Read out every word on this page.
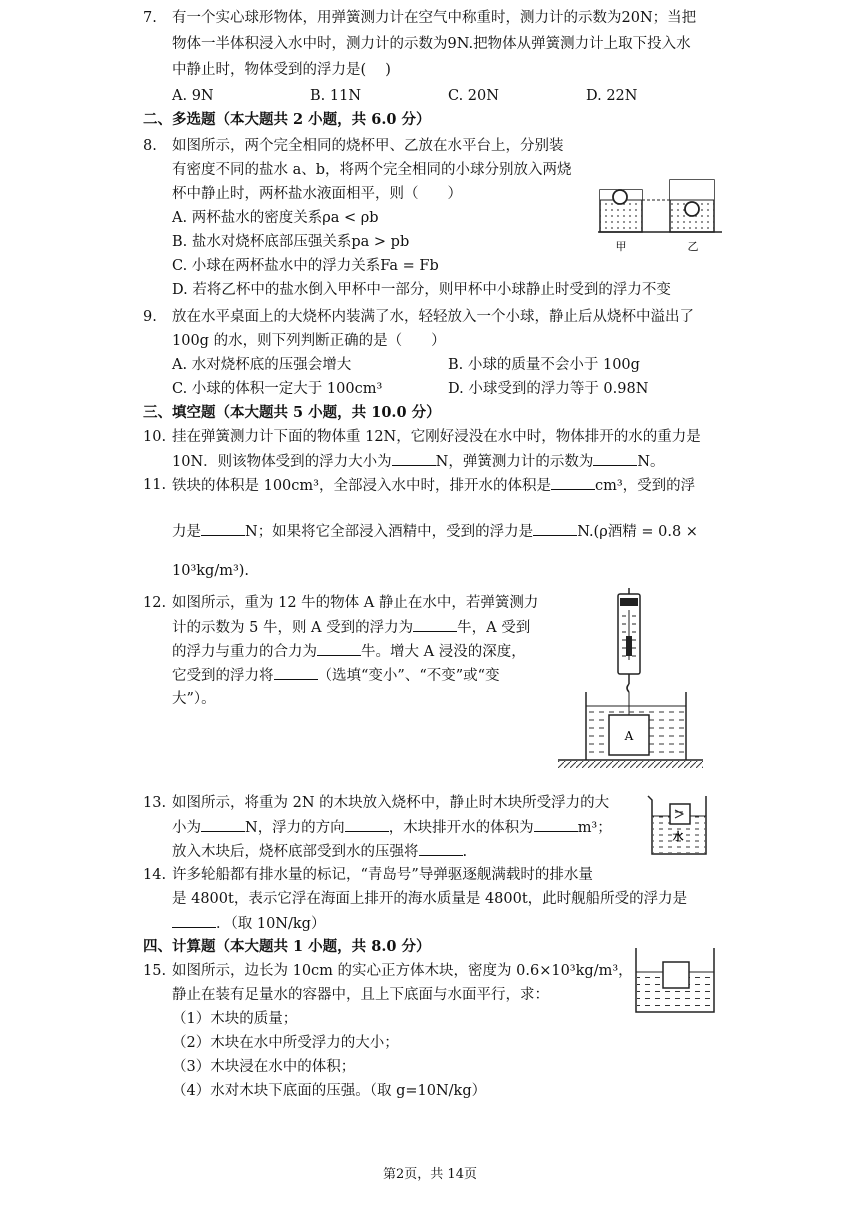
7. 有一个实心球形物体，用弹簧测力计在空气中称重时，测力计的示数为20N；当把
物体一半体积浸入水中时，测力计的示数为9N.把物体从弹簧测力计上取下投入水
中静止时，物体受到的浮力是(　 )
A. 9N	B. 11N	C. 20N	D. 22N
二、多选题（本大题共 2 小题，共 6.0 分）
8. 如图所示，两个完全相同的烧杯甲、乙放在水平台上，分别装
有密度不同的盐水 a、b，将两个完全相同的小球分别放入两烧
杯中静止时，两杯盐水液面相平，则（　　）
A. 两杯盐水的密度关系ρa < ρb
B. 盐水对烧杯底部压强关系pa > pb
C. 小球在两杯盐水中的浮力关系Fa = Fb
D. 若将乙杯中的盐水倒入甲杯中一部分，则甲杯中小球静止时受到的浮力不变
甲	乙
9. 放在水平桌面上的大烧杯内装满了水，轻轻放入一个小球，静止后从烧杯中溢出了
100g 的水，则下列判断正确的是（　　）
A. 水对烧杯底的压强会增大	B. 小球的质量不会小于 100g
C. 小球的体积一定大于 100cm³	D. 小球受到的浮力等于 0.98N
三、填空题（本大题共 5 小题，共 10.0 分）
10. 挂在弹簧测力计下面的物体重 12N，它刚好浸没在水中时，物体排开的水的重力是
10N．则该物体受到的浮力大小为	N，弹簧测力计的示数为	N。
11. 铁块的体积是 100cm³，全部浸入水中时，排开水的体积是	cm³，受到的浮
力是	N；如果将它全部浸入酒精中，受到的浮力是	N.(ρ酒精 = 0.8 ×
10³kg/m³).
12. 如图所示，重为 12 牛的物体 A 静止在水中，若弹簧测力
计的示数为 5 牛，则 A 受到的浮力为	牛，A 受到
的浮力与重力的合力为	牛。增大 A 浸没的深度，
它受到的浮力将	（选填“变小”、“不变”或“变
大”）。
A
13. 如图所示，将重为 2N 的木块放入烧杯中，静止时木块所受浮力的大
小为	N，浮力的方向	，木块排开水的体积为	m³；
放入木块后，烧杯底部受到水的压强将	.
水
14. 许多轮船都有排水量的标记，“青岛号”导弹驱逐舰满载时的排水量
是 4800t，表示它浮在海面上排开的海水质量是 4800t，此时舰船所受的浮力是
．（取 10N/kg）
四、计算题（本大题共 1 小题，共 8.0 分）
15. 如图所示，边长为 10cm 的实心正方体木块，密度为 0.6×10³kg/m³，
静止在装有足量水的容器中，且上下底面与水面平行，求：
（1）木块的质量；
（2）木块在水中所受浮力的大小；
（3）木块浸在水中的体积；
（4）水对木块下底面的压强。（取 g=10N/kg）
第2页，共 14页
